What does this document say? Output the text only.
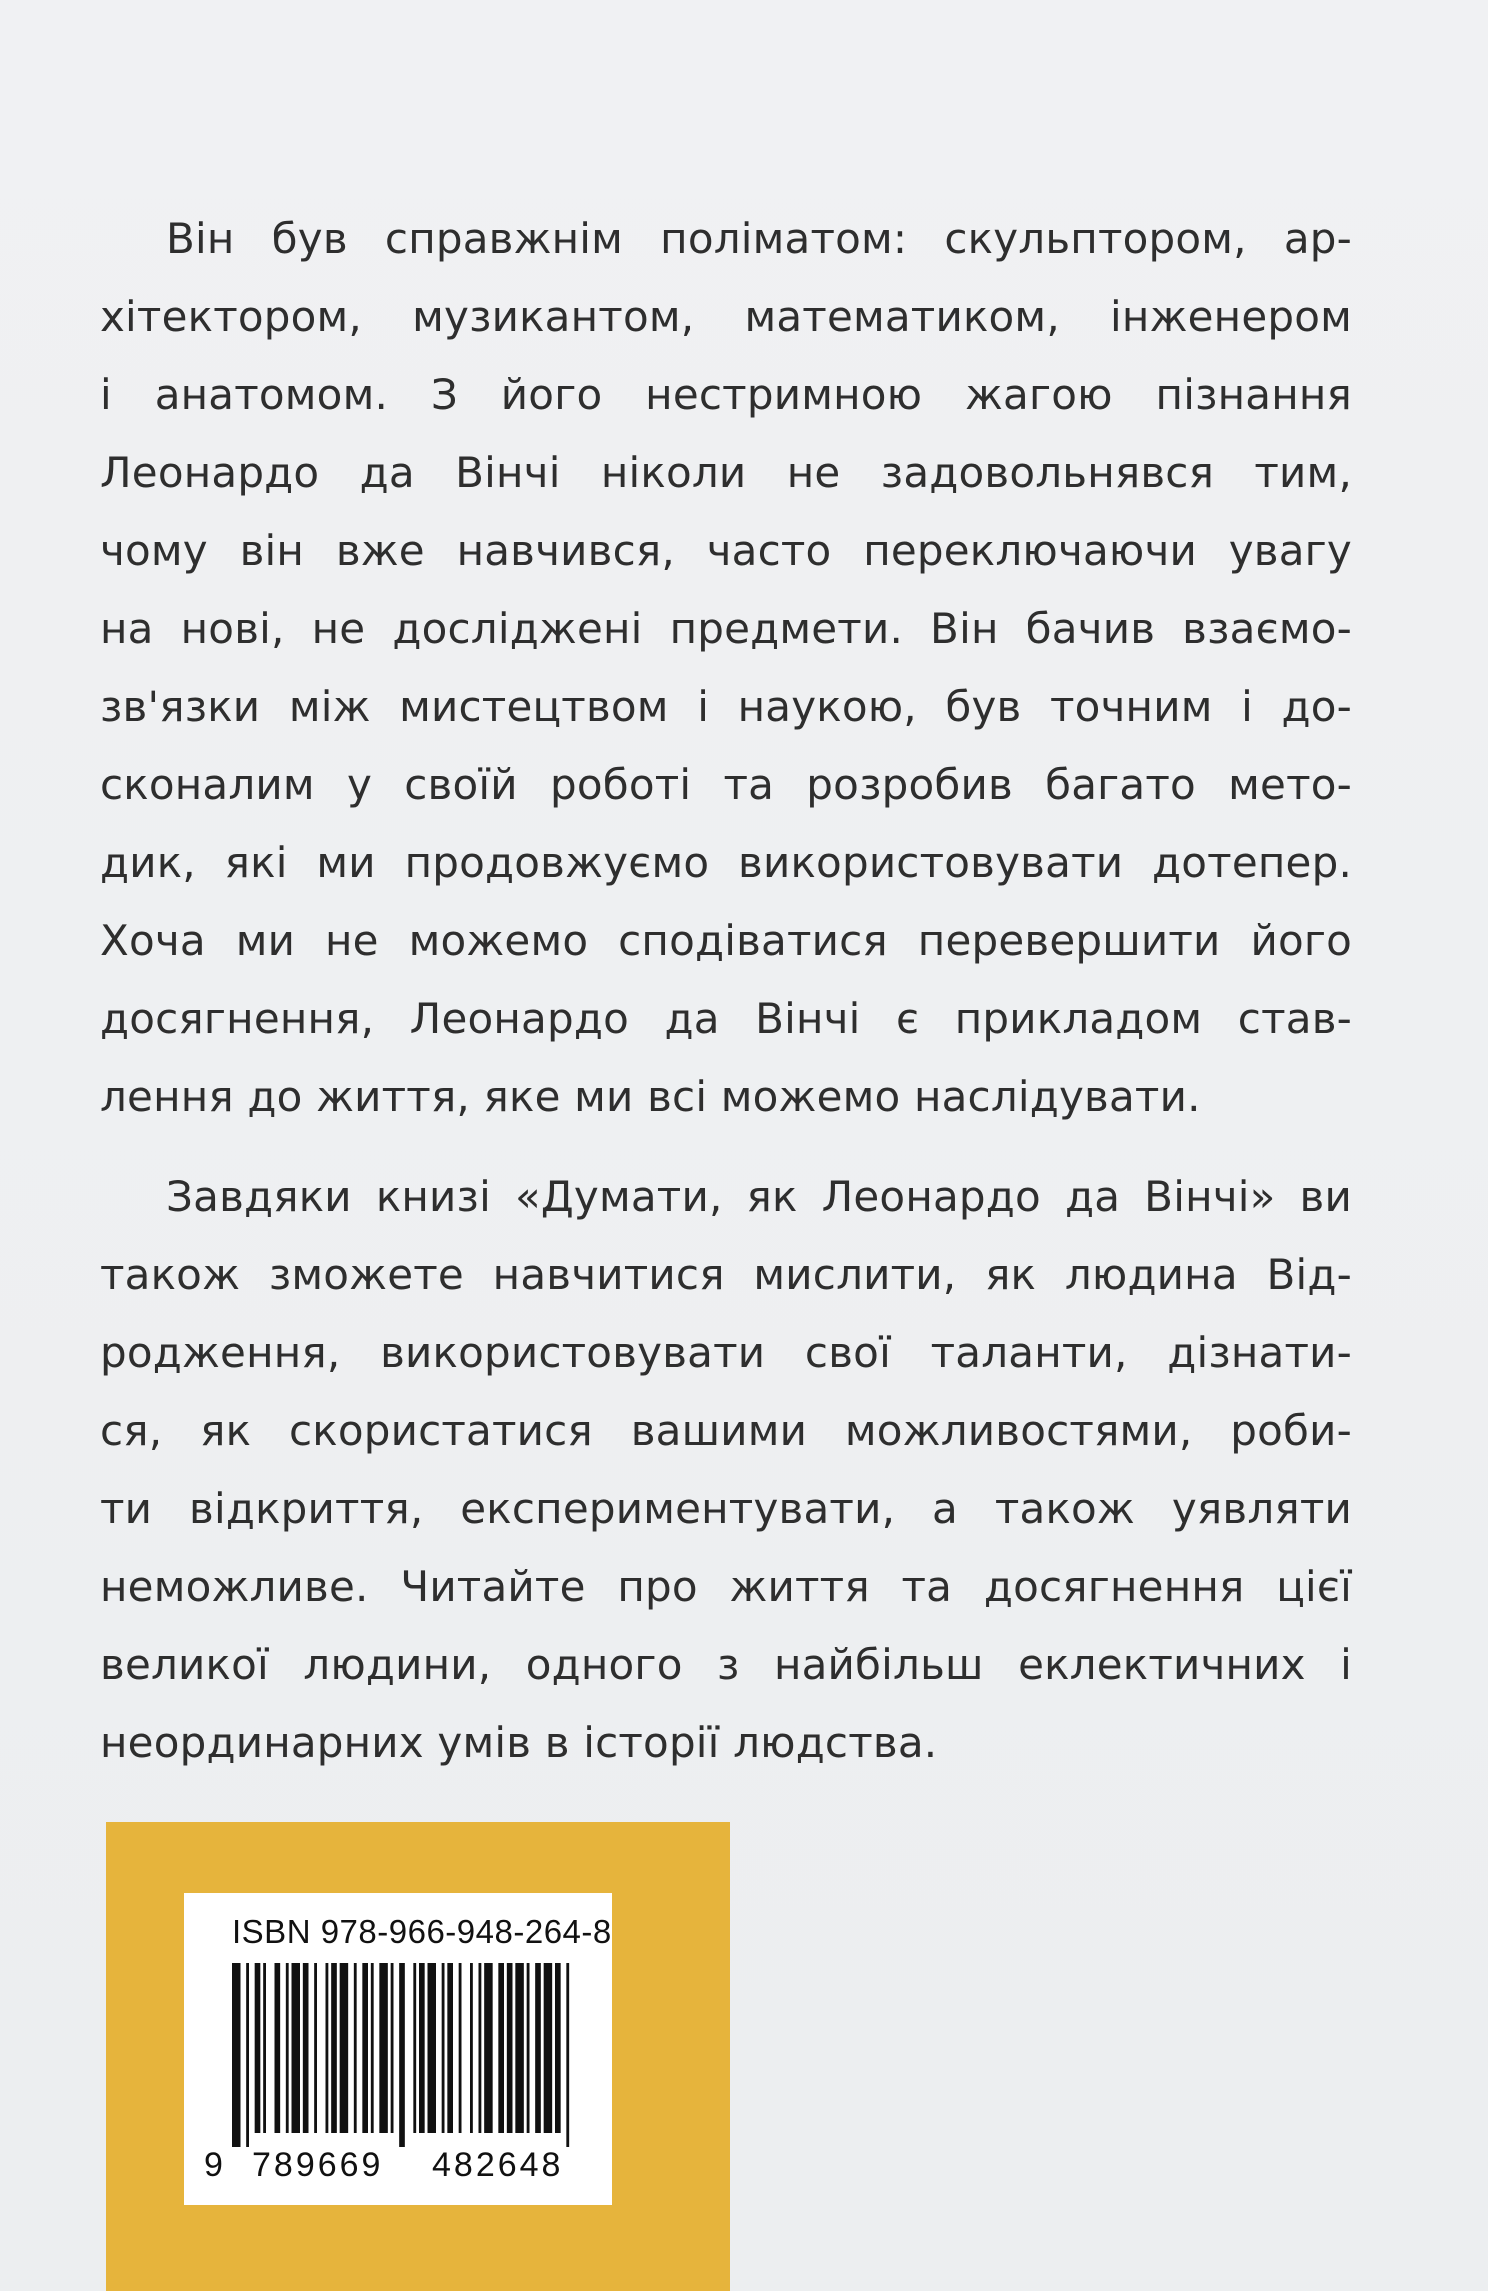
Він був справжнім поліматом: скульптором, ар-
хітектором, музикантом, математиком, інженером
і анатомом. З його нестримною жагою пізнання
Леонардо да Вінчі ніколи не задовольнявся тим,
чому він вже навчився, часто переключаючи увагу
на нові, не досліджені предмети. Він бачив взаємо-
зв'язки між мистецтвом і наукою, був точним і до-
сконалим у своїй роботі та розробив багато мето-
дик, які ми продовжуємо використовувати дотепер.
Хоча ми не можемо сподіватися перевершити його
досягнення, Леонардо да Вінчі є прикладом став-
лення до життя, яке ми всі можемо наслідувати.
Завдяки книзі «Думати, як Леонардо да Вінчі» ви
також зможете навчитися мислити, як людина Від-
родження, використовувати свої таланти, дізнати-
ся, як скористатися вашими можливостями, роби-
ти відкриття, експериментувати, а також уявляти
неможливе. Читайте про життя та досягнення цієї
великої людини, одного з найбільш еклектичних і
неординарних умів в історії людства.
ISBN 978-966-948-264-8
9 789669 482648
